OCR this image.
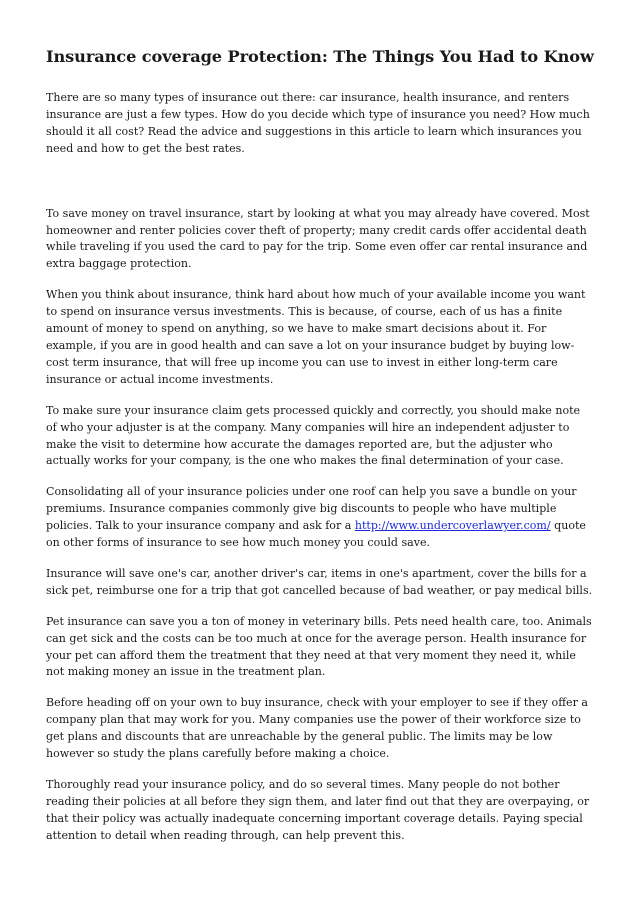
Insurance coverage Protection: The Things You Had to Know

There are so many types of insurance out there: car insurance, health insurance, and renters insurance are just a few types. How do you decide which type of insurance you need? How much should it all cost? Read the advice and suggestions in this article to learn which insurances you need and how to get the best rates.

To save money on travel insurance, start by looking at what you may already have covered. Most homeowner and renter policies cover theft of property; many credit cards offer accidental death while traveling if you used the card to pay for the trip. Some even offer car rental insurance and extra baggage protection.

When you think about insurance, think hard about how much of your available income you want to spend on insurance versus investments. This is because, of course, each of us has a finite amount of money to spend on anything, so we have to make smart decisions about it. For example, if you are in good health and can save a lot on your insurance budget by buying low-cost term insurance, that will free up income you can use to invest in either long-term care insurance or actual income investments.

To make sure your insurance claim gets processed quickly and correctly, you should make note of who your adjuster is at the company. Many companies will hire an independent adjuster to make the visit to determine how accurate the damages reported are, but the adjuster who actually works for your company, is the one who makes the final determination of your case.

Consolidating all of your insurance policies under one roof can help you save a bundle on your premiums. Insurance companies commonly give big discounts to people who have multiple policies. Talk to your insurance company and ask for a http://www.undercoverlawyer.com/ quote on other forms of insurance to see how much money you could save.

Insurance will save one's car, another driver's car, items in one's apartment, cover the bills for a sick pet, reimburse one for a trip that got cancelled because of bad weather, or pay medical bills.

Pet insurance can save you a ton of money in veterinary bills. Pets need health care, too. Animals can get sick and the costs can be too much at once for the average person. Health insurance for your pet can afford them the treatment that they need at that very moment they need it, while not making money an issue in the treatment plan.

Before heading off on your own to buy insurance, check with your employer to see if they offer a company plan that may work for you. Many companies use the power of their workforce size to get plans and discounts that are unreachable by the general public. The limits may be low however so study the plans carefully before making a choice.

Thoroughly read your insurance policy, and do so several times. Many people do not bother reading their policies at all before they sign them, and later find out that they are overpaying, or that their policy was actually inadequate concerning important coverage details. Paying special attention to detail when reading through, can help prevent this.
